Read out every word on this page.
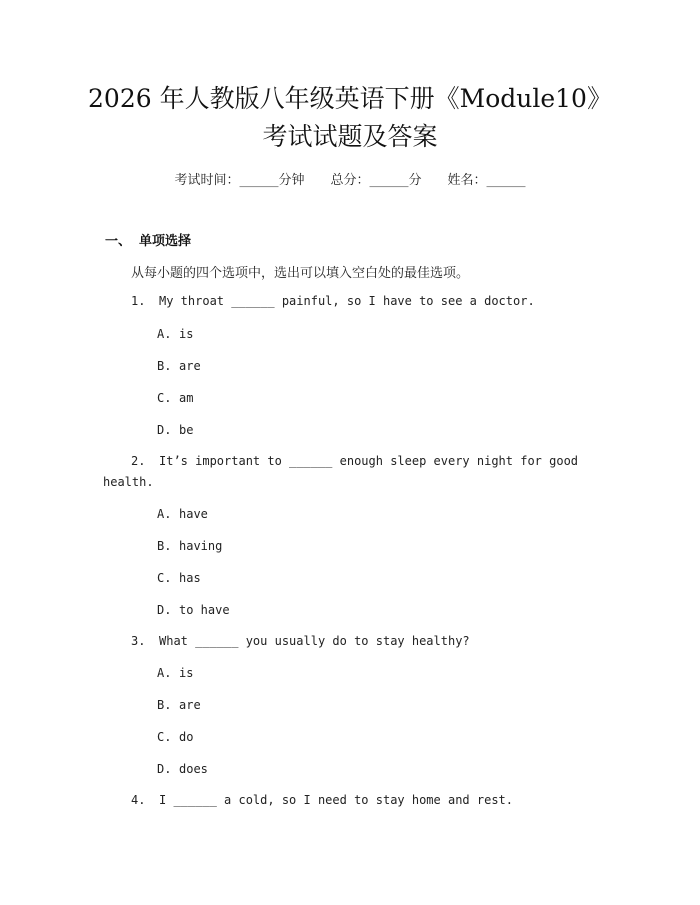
2026 年人教版八年级英语下册《Module10》
考试试题及答案
考试时间：______分钟 总分：______分 姓名：______
一、 单项选择
从每小题的四个选项中，选出可以填入空白处的最佳选项。
1. My throat ______ painful, so I have to see a doctor.
A. is
B. are
C. am
D. be
2. It’s important to ______ enough sleep every night for good
health.
A. have
B. having
C. has
D. to have
3. What ______ you usually do to stay healthy?
A. is
B. are
C. do
D. does
4. I ______ a cold, so I need to stay home and rest.
